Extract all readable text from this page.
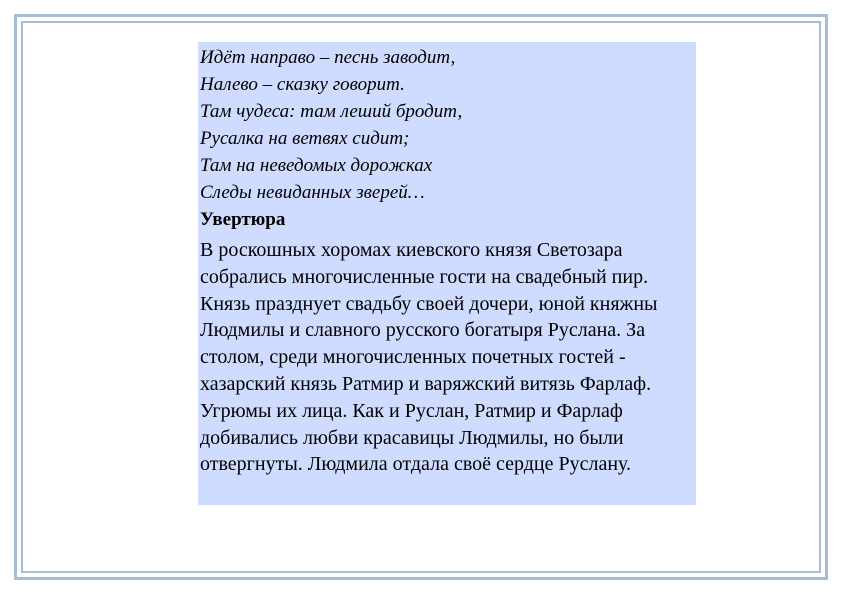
Идёт направо – песнь заводит,
Налево – сказку говорит.
Там чудеса: там леший бродит,
Русалка на ветвях сидит;
Там на неведомых дорожках
Следы невиданных зверей…
Увертюра
В роскошных хоромах киевского князя Светозара
собрались многочисленные гости на свадебный пир.
Князь празднует свадьбу своей дочери, юной княжны
Людмилы и славного русского богатыря Руслана. За
столом, среди многочисленных почетных гостей -
хазарский князь Ратмир и варяжский витязь Фарлаф.
Угрюмы их лица. Как и Руслан, Ратмир и Фарлаф
добивались любви красавицы Людмилы, но были
отвергнуты. Людмила отдала своё сердце Руслану.
